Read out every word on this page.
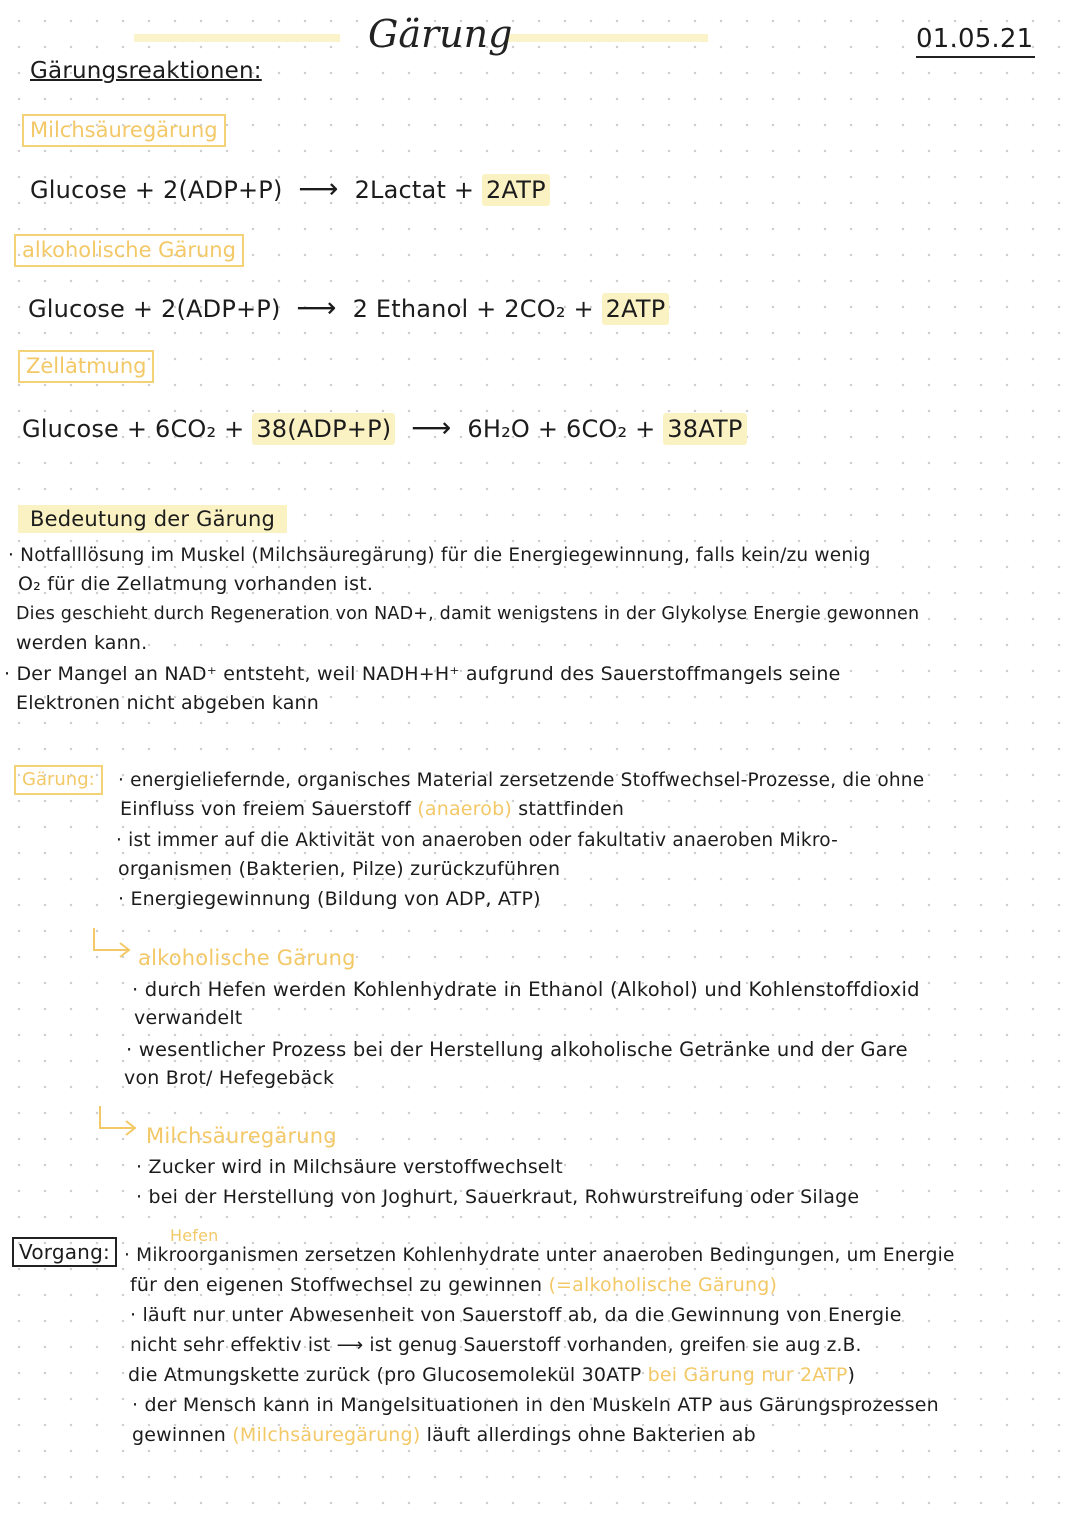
Gärung	01.05.21
Gärungsreaktionen:
Milchsäuregärung
Glucose + 2(ADP+P) ⟶ 2Lactat + 2ATP
alkoholische Gärung
Glucose + 2(ADP+P) ⟶ 2 Ethanol + 2CO₂ + 2ATP
Zellatmung
Glucose + 6CO₂ + 38(ADP+P) ⟶ 6H₂O + 6CO₂ + 38ATP
Bedeutung der Gärung
· Notfalllösung im Muskel (Milchsäuregärung) für die Energiegewinnung, falls kein/zu wenig
O₂ für die Zellatmung vorhanden ist.
Dies geschieht durch Regeneration von NAD+, damit wenigstens in der Glykolyse Energie gewonnen
werden kann.
· Der Mangel an NAD⁺ entsteht, weil NADH+H⁺ aufgrund des Sauerstoffmangels seine
Elektronen nicht abgeben kann
Gärung:	· energieliefernde, organisches Material zersetzende Stoffwechsel-Prozesse, die ohne
Einfluss von freiem Sauerstoff (anaerob) stattfinden
· ist immer auf die Aktivität von anaeroben oder fakultativ anaeroben Mikro-
organismen (Bakterien, Pilze) zurückzuführen
· Energiegewinnung (Bildung von ADP, ATP)
alkoholische Gärung
· durch Hefen werden Kohlenhydrate in Ethanol (Alkohol) und Kohlenstoffdioxid
verwandelt
· wesentlicher Prozess bei der Herstellung alkoholische Getränke und der Gare
von Brot/ Hefegebäck
Milchsäuregärung
· Zucker wird in Milchsäure verstoffwechselt
· bei der Herstellung von Joghurt, Sauerkraut, Rohwurstreifung oder Silage
Hefen
Vorgang: · Mikroorganismen zersetzen Kohlenhydrate unter anaeroben Bedingungen, um Energie
für den eigenen Stoffwechsel zu gewinnen (=alkoholische Gärung)
· läuft nur unter Abwesenheit von Sauerstoff ab, da die Gewinnung von Energie
nicht sehr effektiv ist ⟶ ist genug Sauerstoff vorhanden, greifen sie aug z.B.
die Atmungskette zurück (pro Glucosemolekül 30ATP bei Gärung nur 2ATP)
· der Mensch kann in Mangelsituationen in den Muskeln ATP aus Gärungsprozessen
gewinnen (Milchsäuregärung) läuft allerdings ohne Bakterien ab
